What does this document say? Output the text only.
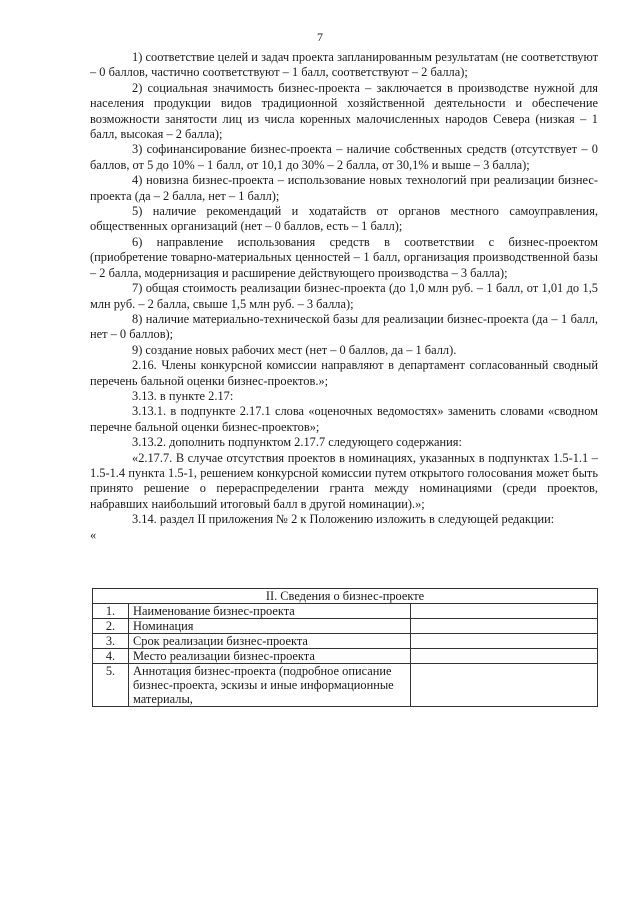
7

1) соответствие целей и задач проекта запланированным результатам (не соответствуют – 0 баллов, частично соответствуют – 1 балл, соответствуют – 2 балла);

2) социальная значимость бизнес-проекта – заключается в производстве нужной для населения продукции видов традиционной хозяйственной деятельности и обеспечение возможности занятости лиц из числа коренных малочисленных народов Севера (низкая – 1 балл, высокая – 2 балла);

3) софинансирование бизнес-проекта – наличие собственных средств (отсутствует – 0 баллов, от 5 до 10% – 1 балл, от 10,1 до 30% – 2 балла, от 30,1% и выше – 3 балла);

4) новизна бизнес-проекта – использование новых технологий при реализации бизнес-проекта (да – 2 балла, нет – 1 балл);

5) наличие рекомендаций и ходатайств от органов местного самоуправления, общественных организаций (нет – 0 баллов, есть – 1 балл);

6) направление использования средств в соответствии с бизнес-проектом (приобретение товарно-материальных ценностей – 1 балл, организация производственной базы – 2 балла, модернизация и расширение действующего производства – 3 балла);

7) общая стоимость реализации бизнес-проекта (до 1,0 млн руб. – 1 балл, от 1,01 до 1,5 млн руб. – 2 балла, свыше 1,5 млн руб. – 3 балла);

8) наличие материально-технической базы для реализации бизнес-проекта (да – 1 балл, нет – 0 баллов);

9) создание новых рабочих мест (нет – 0 баллов, да – 1 балл).

2.16. Члены конкурсной комиссии направляют в департамент согласованный сводный перечень бальной оценки бизнес-проектов.»;

3.13. в пункте 2.17:

3.13.1. в подпункте 2.17.1 слова «оценочных ведомостях» заменить словами «сводном перечне бальной оценки бизнес-проектов»;

3.13.2. дополнить подпунктом 2.17.7 следующего содержания:

«2.17.7. В случае отсутствия проектов в номинациях, указанных в подпунктах 1.5-1.1 – 1.5-1.4 пункта 1.5-1, решением конкурсной комиссии путем открытого голосования может быть принято решение о перераспределении гранта между номинациями (среди проектов, набравших наибольший итоговый балл в другой номинации).»;

3.14. раздел II приложения № 2 к Положению изложить в следующей редакции:

«

II. Сведения о бизнес-проекте		
1.	Наименование бизнес-проекта	
2.	Номинация	
3.	Срок реализации бизнес-проекта	
4.	Место реализации бизнес-проекта	
5.	Аннотация бизнес-проекта (подробное описание бизнес-проекта, эскизы и иные информационные материалы,	
